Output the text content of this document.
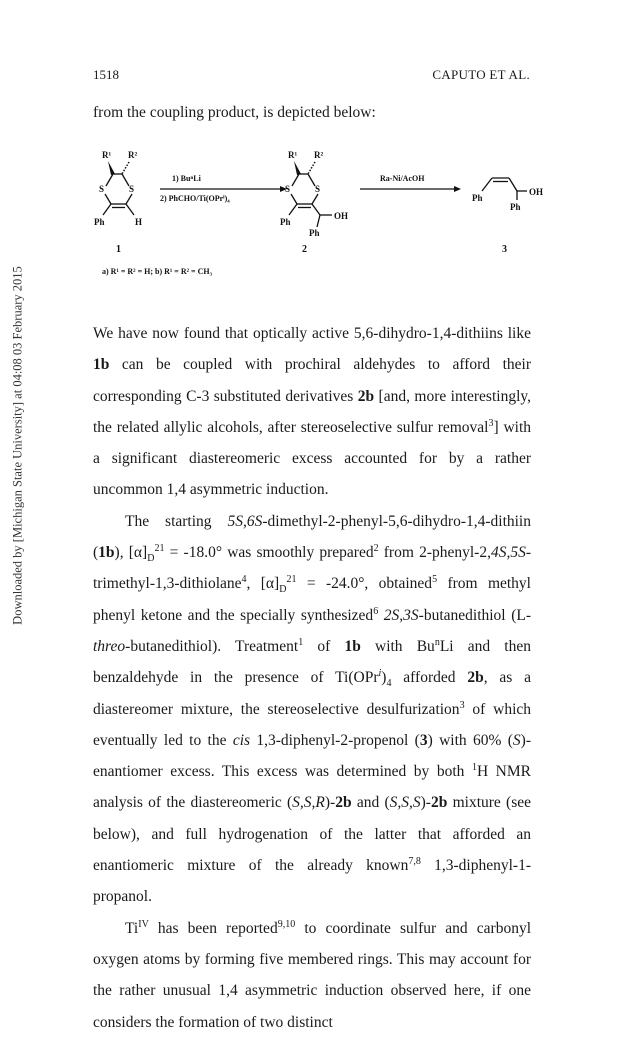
Downloaded by [Michigan State University] at 04:08 03 February 2015
1518	CAPUTO ET AL.
from the coupling product, is depicted below:
R¹ R²
S	S
Ph	H
1
1) BuⁿLi
2) PhCHO/Ti(OPrⁱ)₄
R¹ R²
S	S
Ph
OH
Ph
2
Ra-Ni/AcOH
Ph
OH
Ph
3
a) R¹ = R² = H; b) R¹ = R² = CH₃

We have now found that optically active 5,6-dihydro-1,4-dithiins like 1b can be coupled with prochiral aldehydes to afford their corresponding C-3 substituted derivatives 2b [and, more interestingly, the related allylic alcohols, after stereoselective sulfur removal$^3$] with a significant diastereomeric excess accounted for by a rather uncommon 1,4 asymmetric induction.

The starting 5S,6S-dimethyl-2-phenyl-5,6-dihydro-1,4-dithiin (1b), $[\alpha]_D^{21} = -18.0^\circ$ was smoothly prepared$^2$ from 2-phenyl-2,4S,5S-trimethyl-1,3-dithiolane$^4$, $[\alpha]_D^{21} = -24.0^\circ$, obtained$^5$ from methyl phenyl ketone and the specially synthesized$^6$ 2S,3S-butanedithiol (L-threo-butanedithiol). Treatment$^1$ of 1b with Bu$^n$Li and then benzaldehyde in the presence of $Ti(OPr^i)_4$ afforded 2b, as a diastereomer mixture, the stereoselective desulfurization$^3$ of which eventually led to the cis 1,3-diphenyl-2-propenol (3) with 60% (S)-enantiomer excess. This excess was determined by both $^1$H NMR analysis of the diastereomeric (S,S,R)-2b and (S,S,S)-2b mixture (see below), and full hydrogenation of the latter that afforded an enantiomeric mixture of the already known$^{7,8}$ 1,3-diphenyl-1-propanol.

$Ti^{IV}$ has been reported$^{9,10}$ to coordinate sulfur and carbonyl oxygen atoms by forming five membered rings. This may account for the rather unusual 1,4 asymmetric induction observed here, if one considers the formation of two distinct
